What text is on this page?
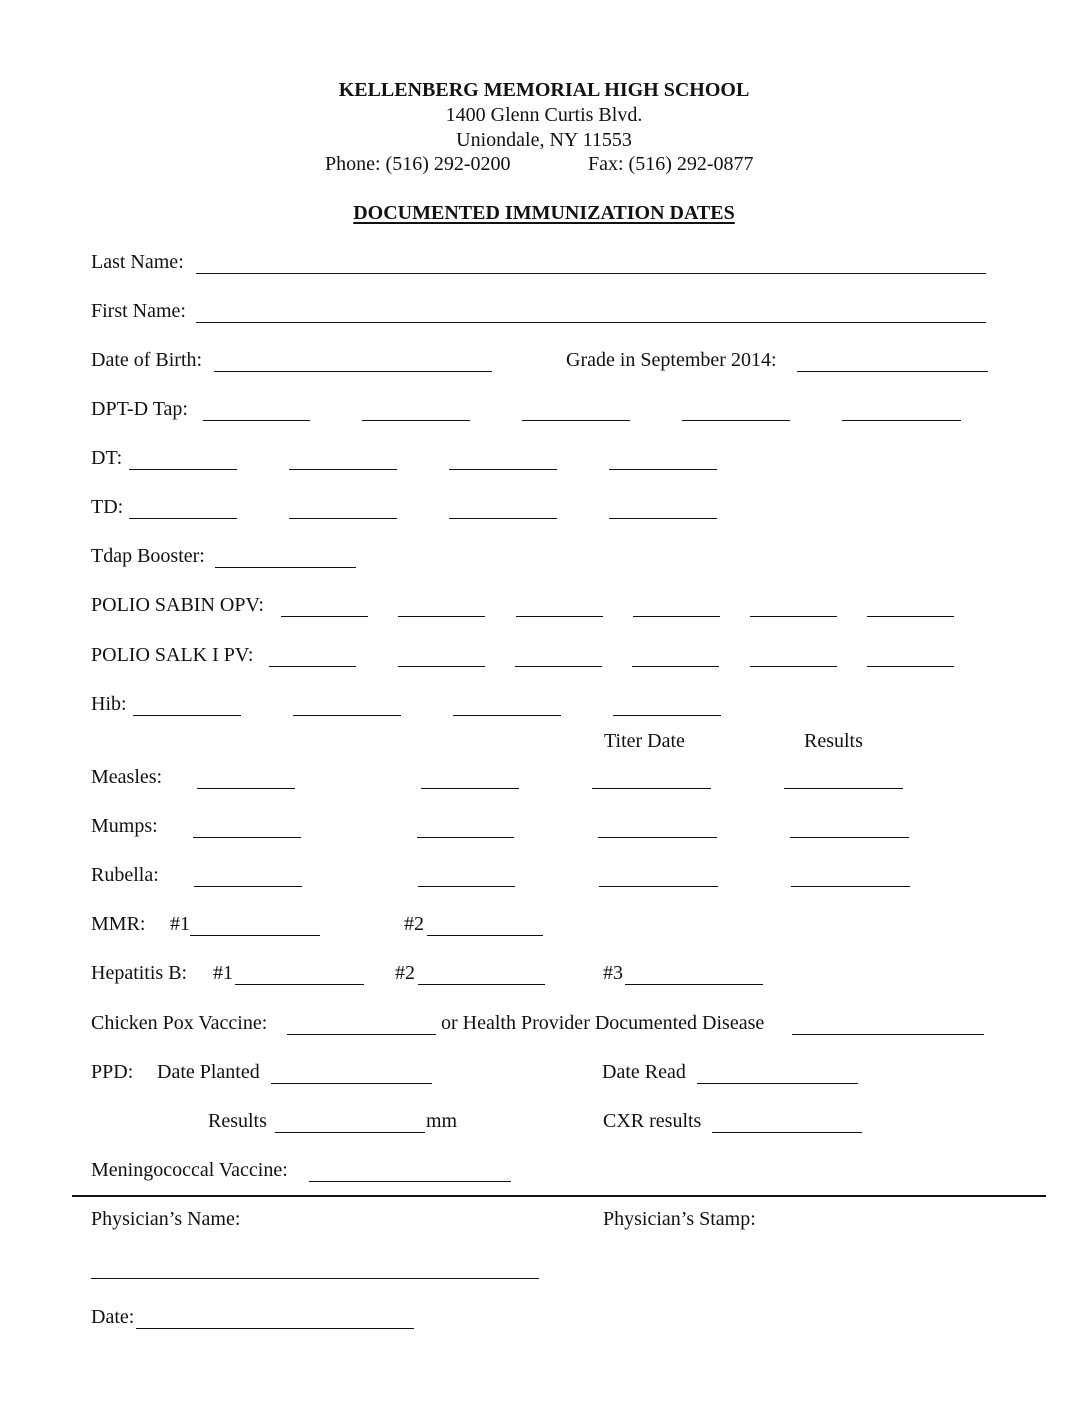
KELLENBERG MEMORIAL HIGH SCHOOL
1400 Glenn Curtis Blvd.
Uniondale, NY 11553
Phone: (516) 292-0200	Fax: (516) 292-0877
DOCUMENTED IMMUNIZATION DATES
Last Name:
First Name:
Date of Birth:	Grade in September 2014:
DPT-D Tap:
DT:
TD:
Tdap Booster:
POLIO SABIN OPV:
POLIO SALK I PV:
Hib:
Titer Date	Results
Measles:
Mumps:
Rubella:
MMR: #1	#2
Hepatitis B: #1	#2	#3
Chicken Pox Vaccine:	or Health Provider Documented Disease
PPD: Date Planted	Date Read
Results	mm	CXR results
Meningococcal Vaccine:
Physician’s Name:	Physician’s Stamp:
Date:
